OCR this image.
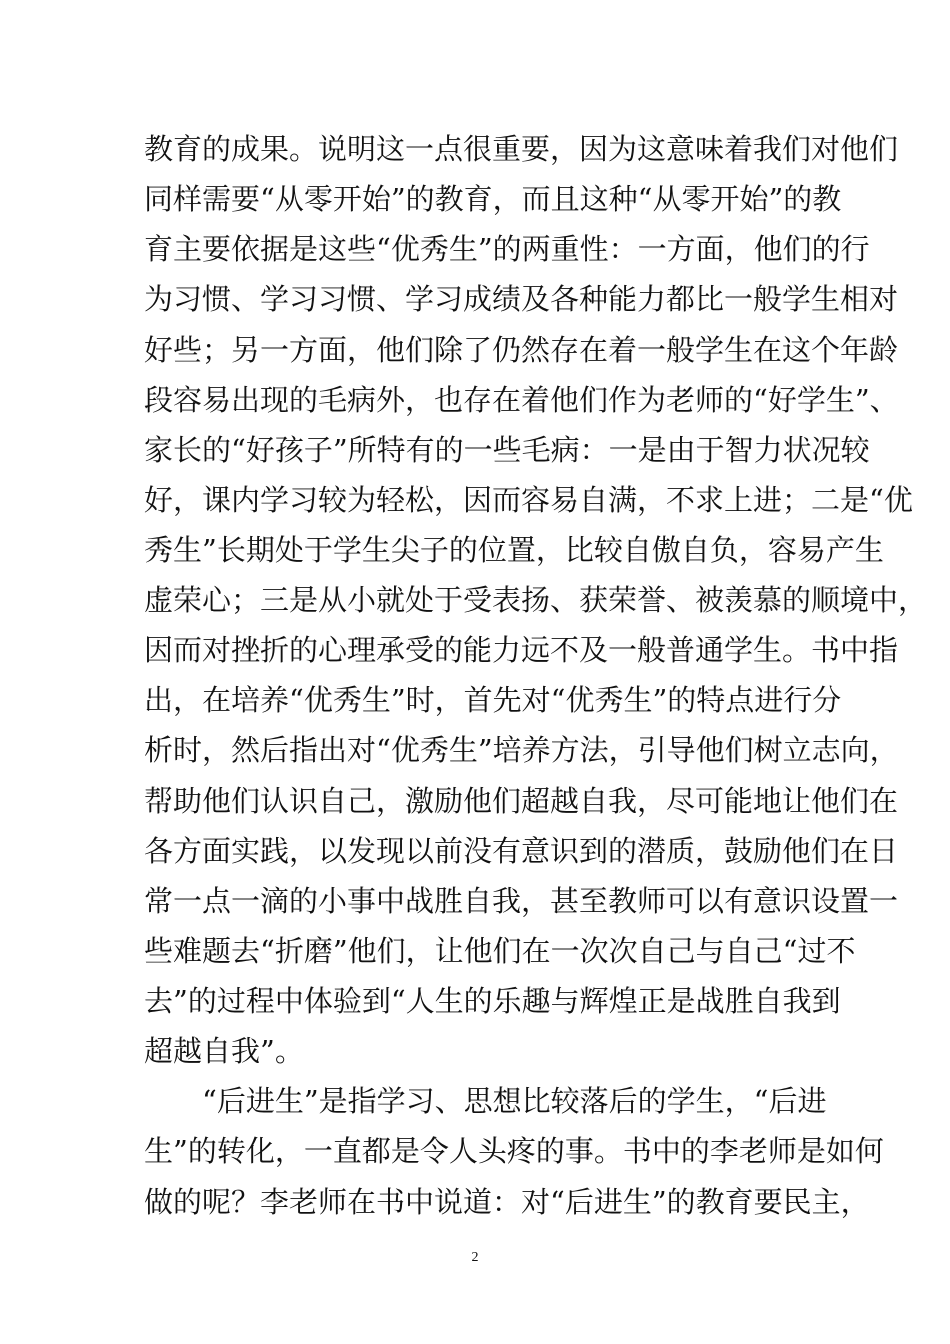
教育的成果。说明这一点很重要，因为这意味着我们对他们
同样需要“从零开始”的教育，而且这种“从零开始”的教
育主要依据是这些“优秀生”的两重性：一方面，他们的行
为习惯、学习习惯、学习成绩及各种能力都比一般学生相对
好些；另一方面，他们除了仍然存在着一般学生在这个年龄
段容易出现的毛病外，也存在着他们作为老师的“好学生”、
家长的“好孩子”所特有的一些毛病：一是由于智力状况较
好，课内学习较为轻松，因而容易自满，不求上进；二是“优
秀生”长期处于学生尖子的位置，比较自傲自负，容易产生
虚荣心；三是从小就处于受表扬、获荣誉、被羡慕的顺境中，
因而对挫折的心理承受的能力远不及一般普通学生。书中指
出，在培养“优秀生”时，首先对“优秀生”的特点进行分
析时，然后指出对“优秀生”培养方法，引导他们树立志向，
帮助他们认识自己，激励他们超越自我，尽可能地让他们在
各方面实践，以发现以前没有意识到的潜质，鼓励他们在日
常一点一滴的小事中战胜自我，甚至教师可以有意识设置一
些难题去“折磨”他们，让他们在一次次自己与自己“过不
去”的过程中体验到“人生的乐趣与辉煌正是战胜自我到
超越自我”。
“后进生”是指学习、思想比较落后的学生，“后进
生”的转化，一直都是令人头疼的事。书中的李老师是如何
做的呢？李老师在书中说道：对“后进生”的教育要民主，
2
